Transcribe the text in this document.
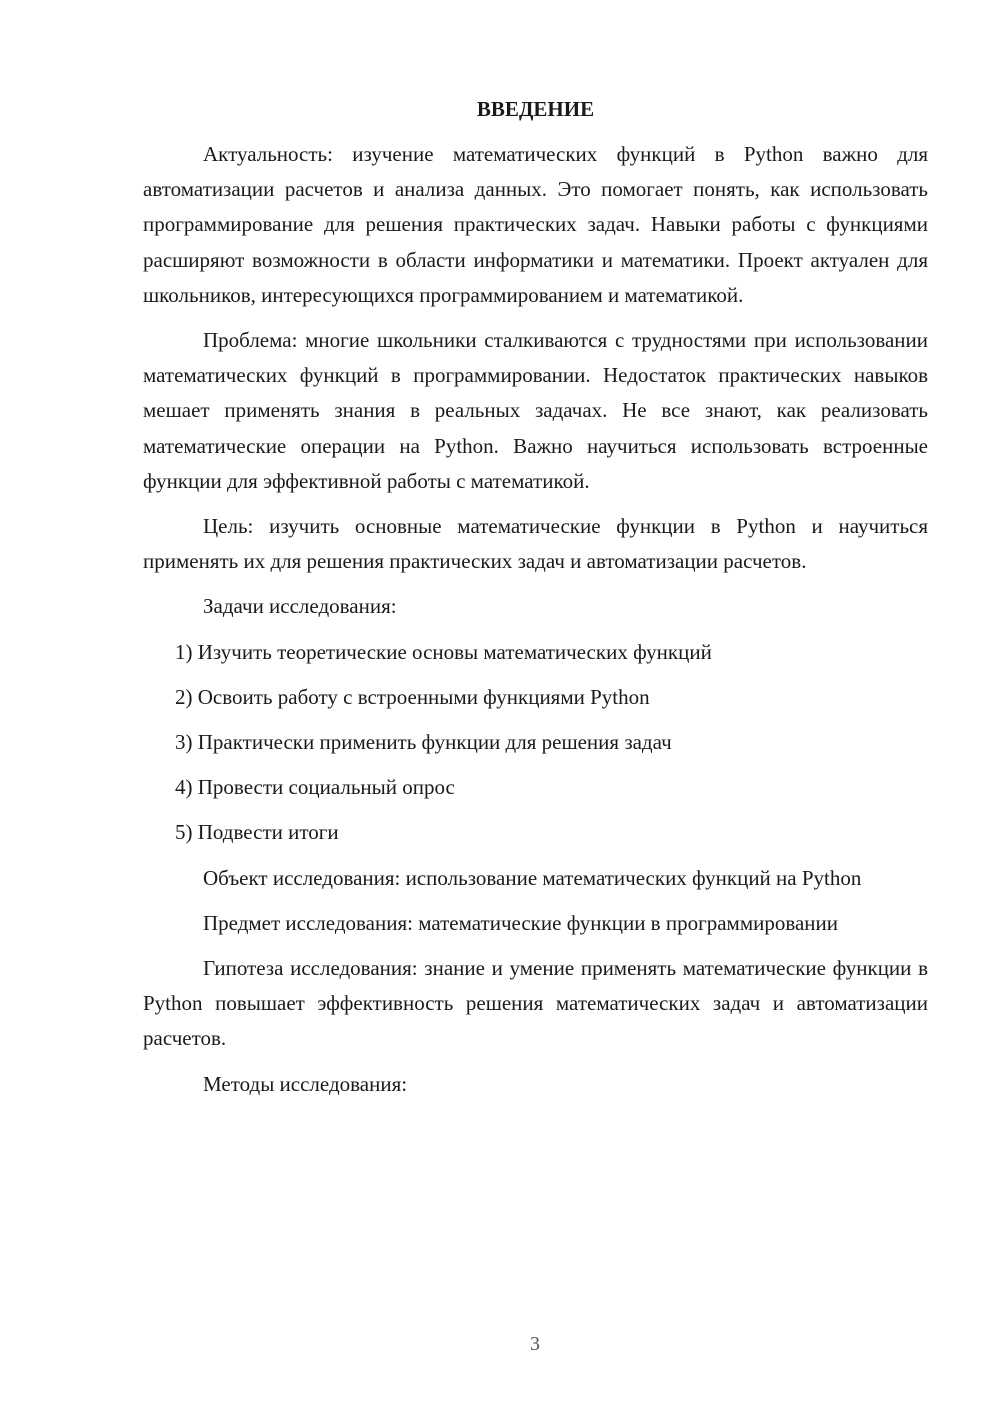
ВВЕДЕНИЕ

Актуальность: изучение математических функций в Python важно для автоматизации расчетов и анализа данных. Это помогает понять, как использовать программирование для решения практических задач. Навыки работы с функциями расширяют возможности в области информатики и математики. Проект актуален для школьников, интересующихся программированием и математикой.

Проблема: многие школьники сталкиваются с трудностями при использовании математических функций в программировании. Недостаток практических навыков мешает применять знания в реальных задачах. Не все знают, как реализовать математические операции на Python. Важно научиться использовать встроенные функции для эффективной работы с математикой.

Цель: изучить основные математические функции в Python и научиться применять их для решения практических задач и автоматизации расчетов.

Задачи исследования:

1) Изучить теоретические основы математических функций
2) Освоить работу с встроенными функциями Python
3) Практически применить функции для решения задач
4) Провести социальный опрос
5) Подвести итоги

Объект исследования: использование математических функций на Python

Предмет исследования: математические функции в программировании

Гипотеза исследования: знание и умение применять математические функции в Python повышает эффективность решения математических задач и автоматизации расчетов.

Методы исследования:

3
